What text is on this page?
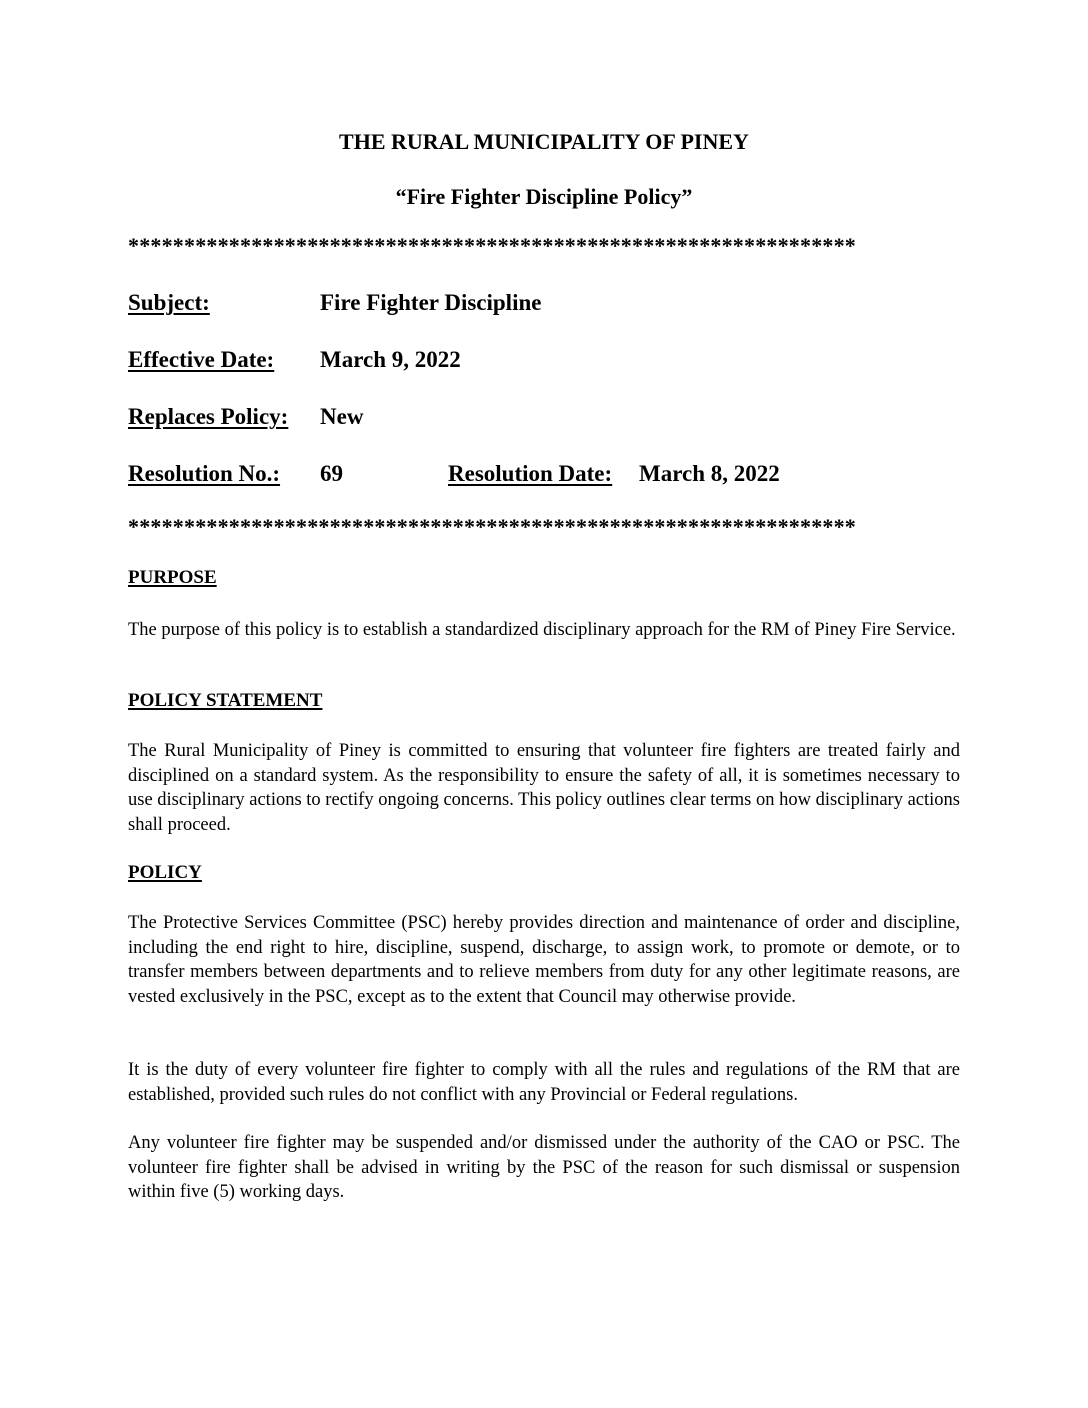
THE RURAL MUNICIPALITY OF PINEY
“Fire Fighter Discipline Policy”
*****************************************************************
Subject:	Fire Fighter Discipline
Effective Date: March 9, 2022
Replaces Policy: New
Resolution No.: 69	Resolution Date: March 8, 2022
*****************************************************************
PURPOSE

The purpose of this policy is to establish a standardized disciplinary approach for the RM of Piney Fire Service.

POLICY STATEMENT

The Rural Municipality of Piney is committed to ensuring that volunteer fire fighters are treated fairly and disciplined on a standard system. As the responsibility to ensure the safety of all, it is sometimes necessary to use disciplinary actions to rectify ongoing concerns. This policy outlines clear terms on how disciplinary actions shall proceed.

POLICY

The Protective Services Committee (PSC) hereby provides direction and maintenance of order and discipline, including the end right to hire, discipline, suspend, discharge, to assign work, to promote or demote, or to transfer members between departments and to relieve members from duty for any other legitimate reasons, are vested exclusively in the PSC, except as to the extent that Council may otherwise provide.

It is the duty of every volunteer fire fighter to comply with all the rules and regulations of the RM that are established, provided such rules do not conflict with any Provincial or Federal regulations.

Any volunteer fire fighter may be suspended and/or dismissed under the authority of the CAO or PSC. The volunteer fire fighter shall be advised in writing by the PSC of the reason for such dismissal or suspension within five (5) working days.
